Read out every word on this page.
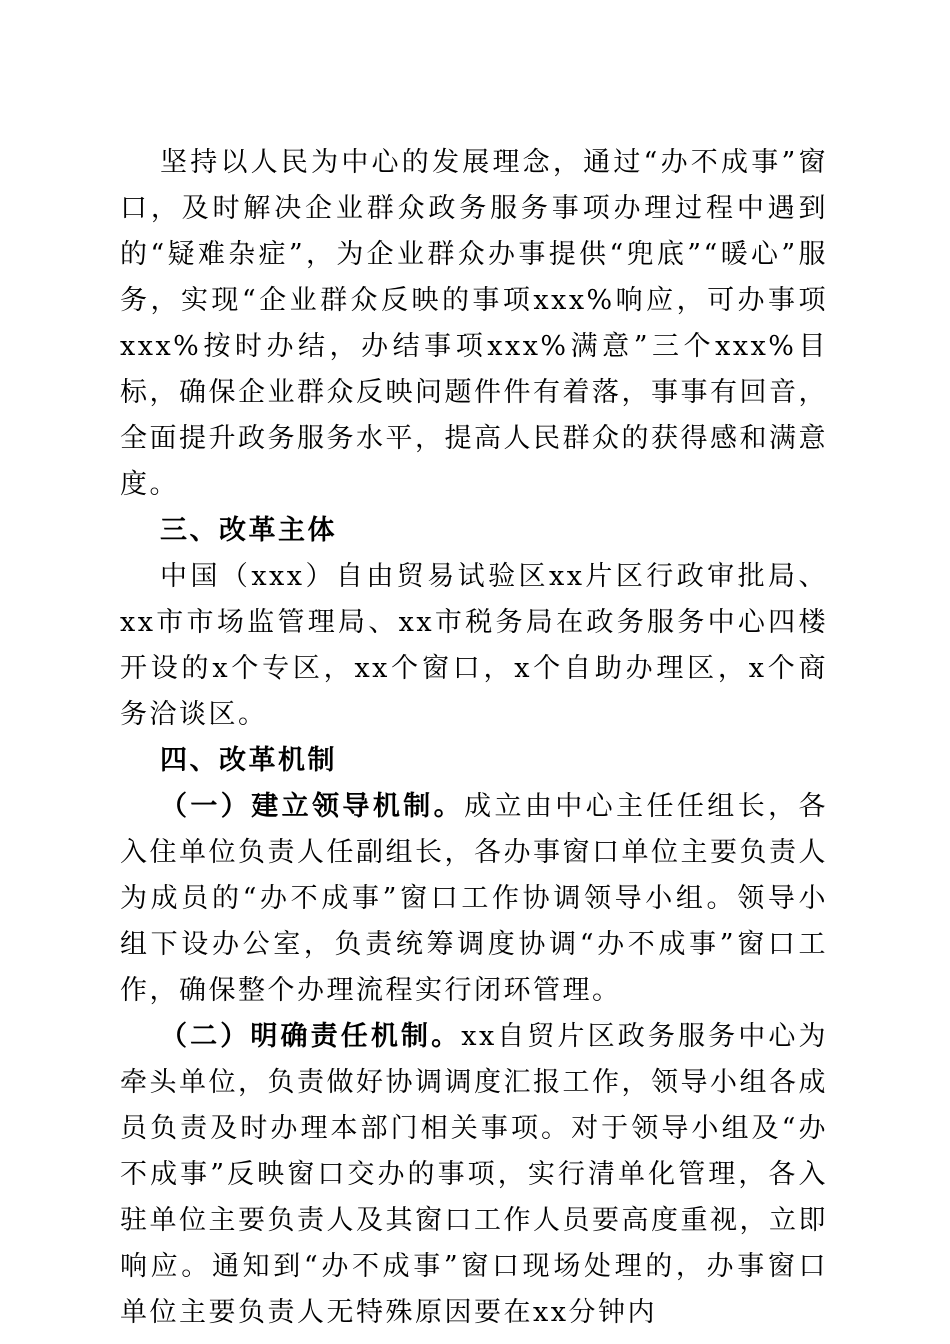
坚持以人民为中心的发展理念，通过“办不成事”窗口，及时解决企业群众政务服务事项办理过程中遇到的“疑难杂症”，为企业群众办事提供“兜底”“暖心”服务，实现“企业群众反映的事项xxx%响应，可办事项xxx%按时办结，办结事项xxx%满意”三个xxx%目标，确保企业群众反映问题件件有着落，事事有回音，全面提升政务服务水平，提高人民群众的获得感和满意度。

三、改革主体

中国（xxx）自由贸易试验区xx片区行政审批局、xx市市场监管理局、xx市税务局在政务服务中心四楼开设的x个专区，xx个窗口，x个自助办理区，x个商务洽谈区。

四、改革机制

（一）建立领导机制。成立由中心主任任组长，各入住单位负责人任副组长，各办事窗口单位主要负责人为成员的“办不成事”窗口工作协调领导小组。领导小组下设办公室，负责统筹调度协调“办不成事”窗口工作，确保整个办理流程实行闭环管理。

（二）明确责任机制。xx自贸片区政务服务中心为牵头单位，负责做好协调调度汇报工作，领导小组各成员负责及时办理本部门相关事项。对于领导小组及“办不成事”反映窗口交办的事项，实行清单化管理，各入驻单位主要负责人及其窗口工作人员要高度重视，立即响应。通知到“办不成事”窗口现场处理的，办事窗口单位主要负责人无特殊原因要在xx分钟内
